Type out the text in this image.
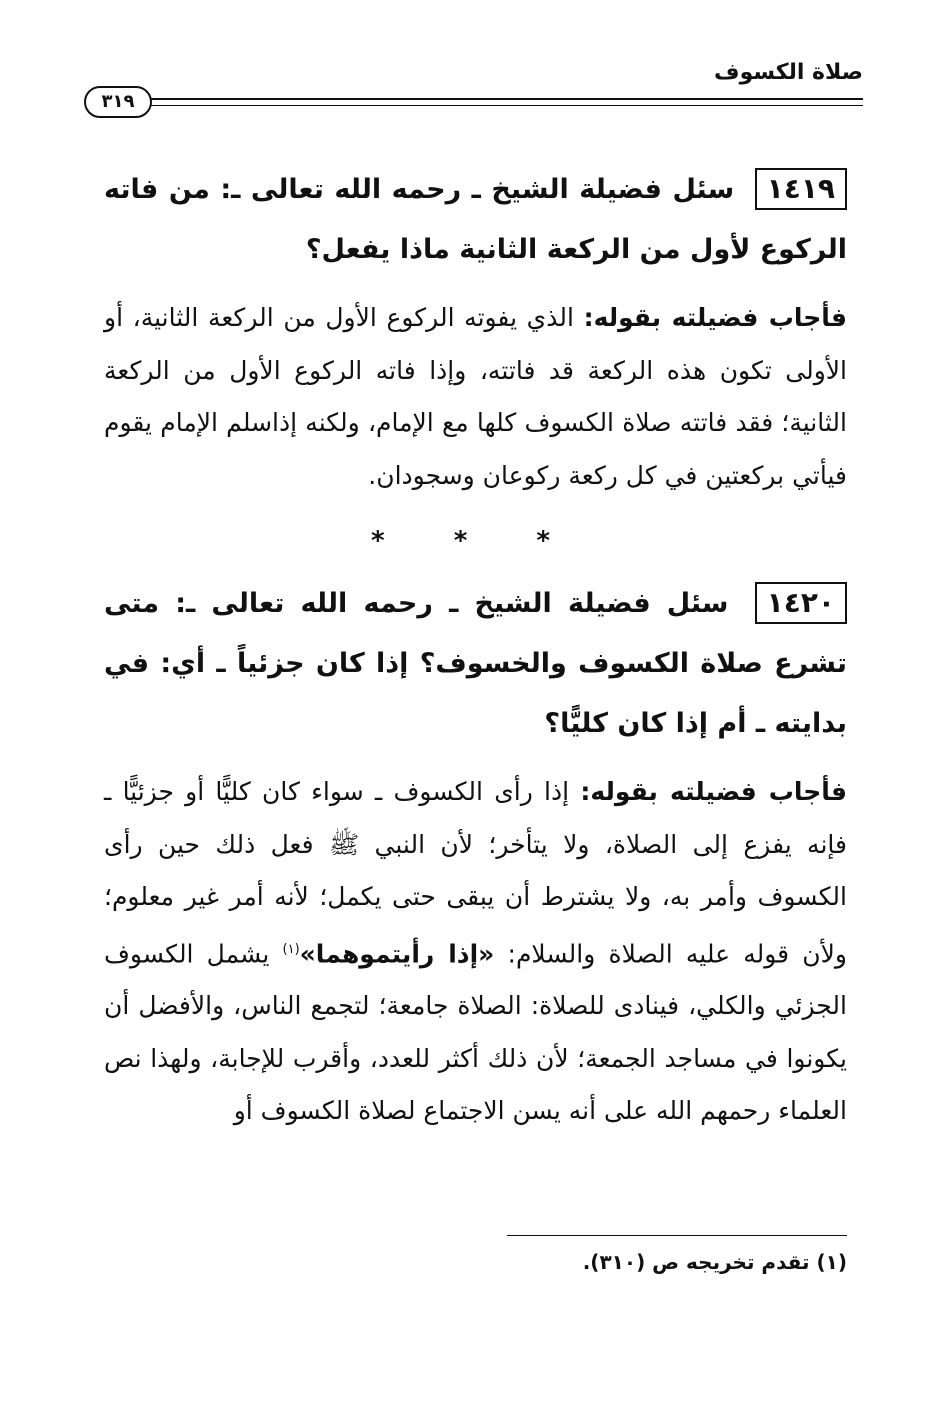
صلاة الكسوف
٣١٩

١٤١٩ سئل فضيلة الشيخ ـ رحمه الله تعالى ـ: من فاته الركوع لأول من الركعة الثانية ماذا يفعل؟

فأجاب فضيلته بقوله: الذي يفوته الركوع الأول من الركعة الثانية، أو الأولى تكون هذه الركعة قد فاتته، وإذا فاته الركوع الأول من الركعة الثانية؛ فقد فاتته صلاة الكسوف كلها مع الإمام، ولكنه إذاسلم الإمام يقوم فيأتي بركعتين في كل ركعة ركوعان وسجودان.

* * *

١٤٢٠ سئل فضيلة الشيخ ـ رحمه الله تعالى ـ: متى تشرع صلاة الكسوف والخسوف؟ إذا كان جزئياً ـ أي: في بدايته ـ أم إذا كان كليًّا؟

فأجاب فضيلته بقوله: إذا رأى الكسوف ـ سواء كان كليًّا أو جزئيًّا ـ فإنه يفزع إلى الصلاة، ولا يتأخر؛ لأن النبي ﷺ فعل ذلك حين رأى الكسوف وأمر به، ولا يشترط أن يبقى حتى يكمل؛ لأنه أمر غير معلوم؛ ولأن قوله عليه الصلاة والسلام: «إذا رأيتموهما»$^{(١)}$ يشمل الكسوف الجزئي والكلي، فينادى للصلاة: الصلاة جامعة؛ لتجمع الناس، والأفضل أن يكونوا في مساجد الجمعة؛ لأن ذلك أكثر للعدد، وأقرب للإجابة، ولهذا نص العلماء رحمهم الله على أنه يسن الاجتماع لصلاة الكسوف أو

(١) تقدم تخريجه ص (٣١٠).
